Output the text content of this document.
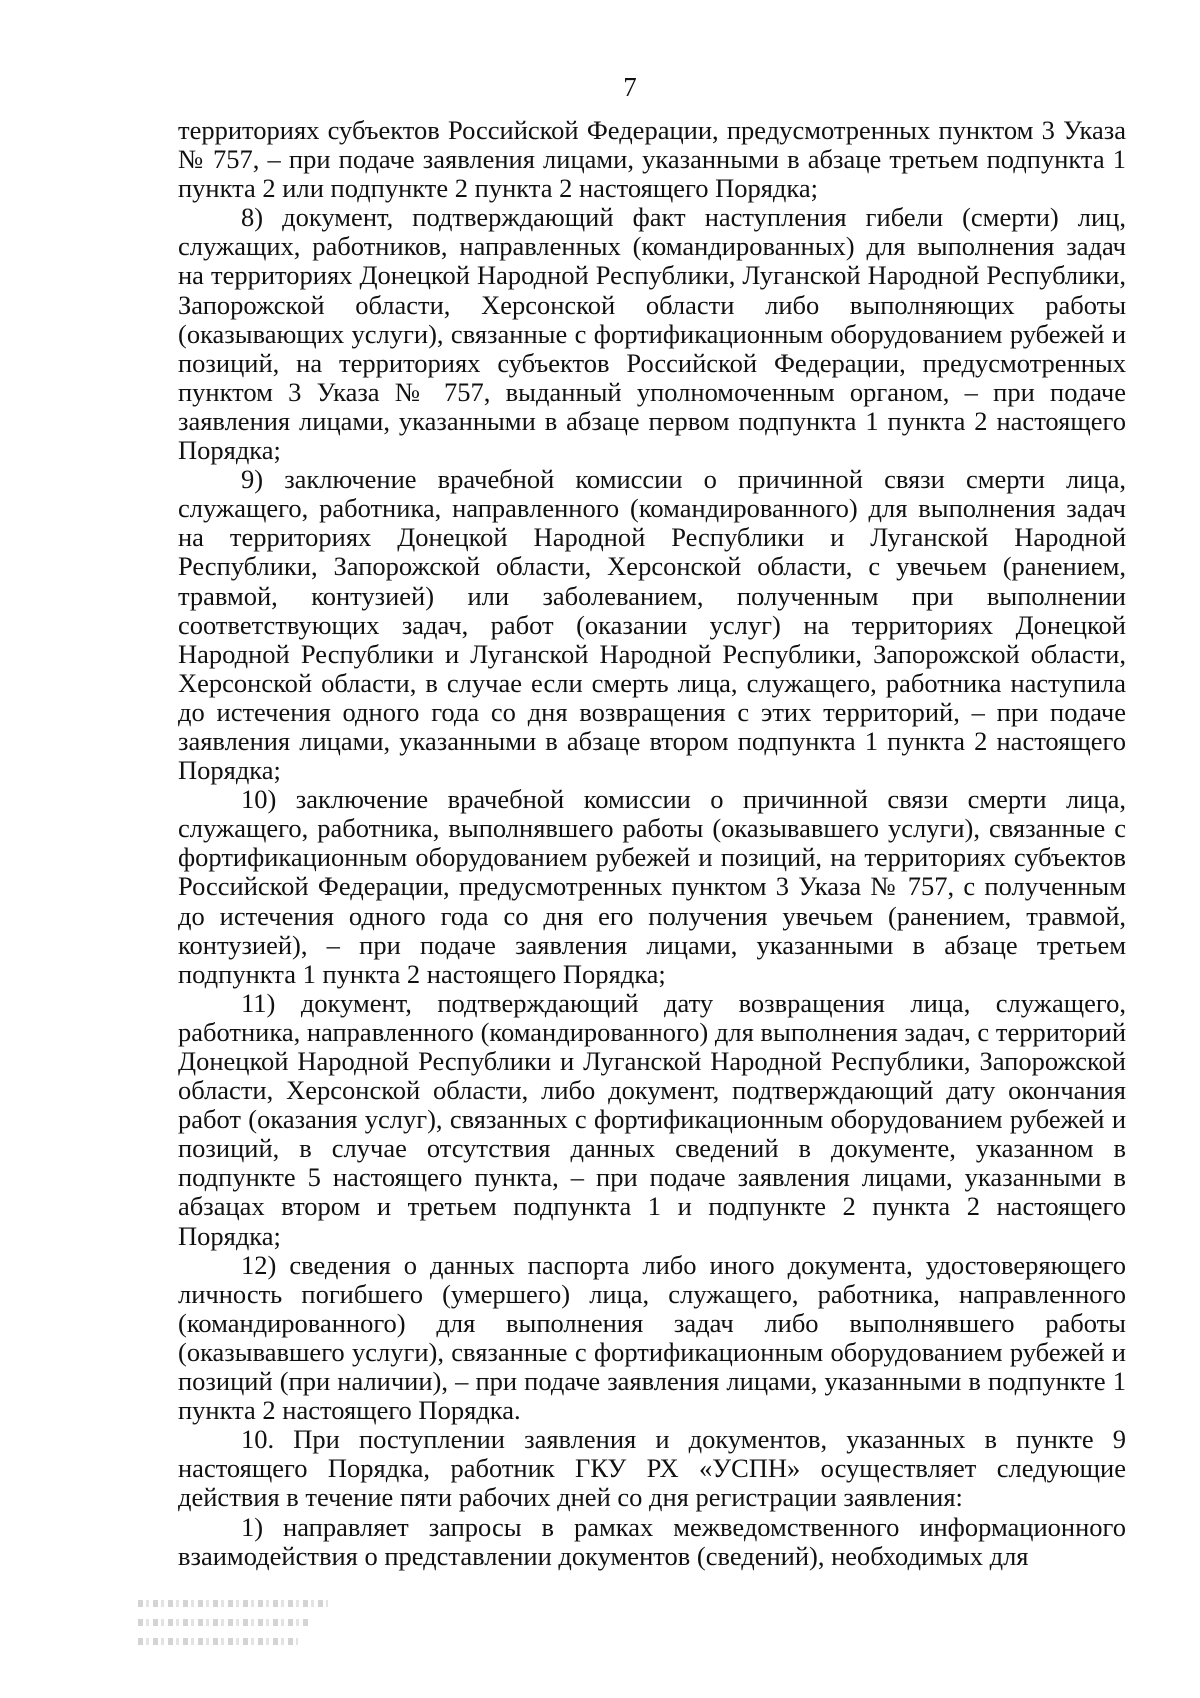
7

территориях субъектов Российской Федерации, предусмотренных пунктом 3 Указа № 757, – при подаче заявления лицами, указанными в абзаце третьем подпункта 1 пункта 2 или подпункте 2 пункта 2 настоящего Порядка;

8) документ, подтверждающий факт наступления гибели (смерти) лиц, служащих, работников, направленных (командированных) для выполнения задач на территориях Донецкой Народной Республики, Луганской Народной Республики, Запорожской области, Херсонской области либо выполняющих работы (оказывающих услуги), связанные с фортификационным оборудованием рубежей и позиций, на территориях субъектов Российской Федерации, предусмотренных пунктом 3 Указа № 757, выданный уполномоченным органом, – при подаче заявления лицами, указанными в абзаце первом подпункта 1 пункта 2 настоящего Порядка;

9) заключение врачебной комиссии о причинной связи смерти лица, служащего, работника, направленного (командированного) для выполнения задач на территориях Донецкой Народной Республики и Луганской Народной Республики, Запорожской области, Херсонской области, с увечьем (ранением, травмой, контузией) или заболеванием, полученным при выполнении соответствующих задач, работ (оказании услуг) на территориях Донецкой Народной Республики и Луганской Народной Республики, Запорожской области, Херсонской области, в случае если смерть лица, служащего, работника наступила до истечения одного года со дня возвращения с этих территорий, – при подаче заявления лицами, указанными в абзаце втором подпункта 1 пункта 2 настоящего Порядка;

10) заключение врачебной комиссии о причинной связи смерти лица, служащего, работника, выполнявшего работы (оказывавшего услуги), связанные с фортификационным оборудованием рубежей и позиций, на территориях субъектов Российской Федерации, предусмотренных пунктом 3 Указа № 757, с полученным до истечения одного года со дня его получения увечьем (ранением, травмой, контузией), – при подаче заявления лицами, указанными в абзаце третьем подпункта 1 пункта 2 настоящего Порядка;

11) документ, подтверждающий дату возвращения лица, служащего, работника, направленного (командированного) для выполнения задач, с территорий Донецкой Народной Республики и Луганской Народной Республики, Запорожской области, Херсонской области, либо документ, подтверждающий дату окончания работ (оказания услуг), связанных с фортификационным оборудованием рубежей и позиций, в случае отсутствия данных сведений в документе, указанном в подпункте 5 настоящего пункта, – при подаче заявления лицами, указанными в абзацах втором и третьем подпункта 1 и подпункте 2 пункта 2 настоящего Порядка;

12) сведения о данных паспорта либо иного документа, удостоверяющего личность погибшего (умершего) лица, служащего, работника, направленного (командированного) для выполнения задач либо выполнявшего работы (оказывавшего услуги), связанные с фортификационным оборудованием рубежей и позиций (при наличии), – при подаче заявления лицами, указанными в подпункте 1 пункта 2 настоящего Порядка.

10. При поступлении заявления и документов, указанных в пункте 9 настоящего Порядка, работник ГКУ РХ «УСПН» осуществляет следующие действия в течение пяти рабочих дней со дня регистрации заявления:

1) направляет запросы в рамках межведомственного информационного взаимодействия о представлении документов (сведений), необходимых для
